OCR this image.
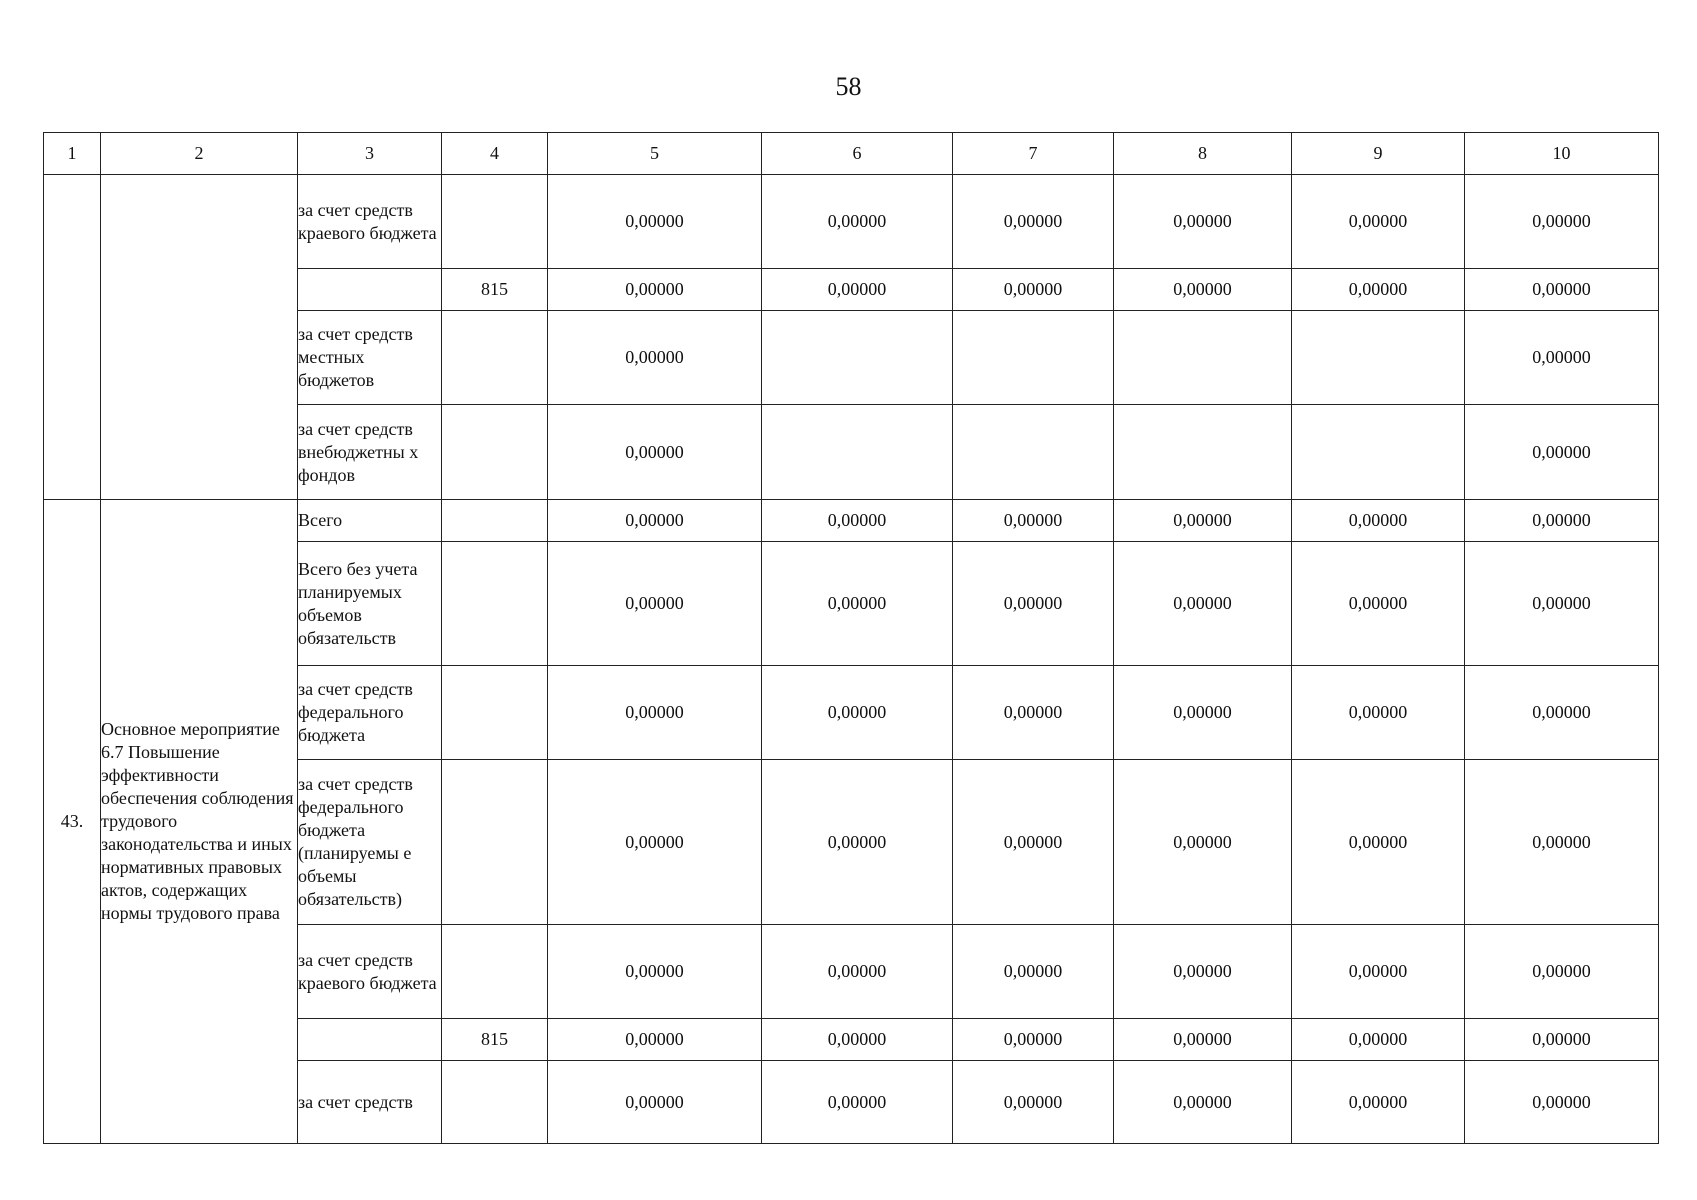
58
1	2	3	4	5	6	7	8	9	10
		за счет средств краевого бюджета		0,00000	0,00000	0,00000	0,00000	0,00000	0,00000
			815	0,00000	0,00000	0,00000	0,00000	0,00000	0,00000
		за счет средств местных бюджетов		0,00000					0,00000
		за счет средств внебюджетны х фондов		0,00000					0,00000
43.	Основное мероприятие 6.7 Повышение эффективности обеспечения соблюдения трудового законодательства и иных нормативных правовых актов, содержащих нормы трудового права	Всего		0,00000	0,00000	0,00000	0,00000	0,00000	0,00000
		Всего без учета планируемых объемов обязательств		0,00000	0,00000	0,00000	0,00000	0,00000	0,00000
		за счет средств федерального бюджета		0,00000	0,00000	0,00000	0,00000	0,00000	0,00000
		за счет средств федерального бюджета (планируемы е объемы обязательств)		0,00000	0,00000	0,00000	0,00000	0,00000	0,00000
		за счет средств краевого бюджета		0,00000	0,00000	0,00000	0,00000	0,00000	0,00000
			815	0,00000	0,00000	0,00000	0,00000	0,00000	0,00000
		за счет средств		0,00000	0,00000	0,00000	0,00000	0,00000	0,00000
